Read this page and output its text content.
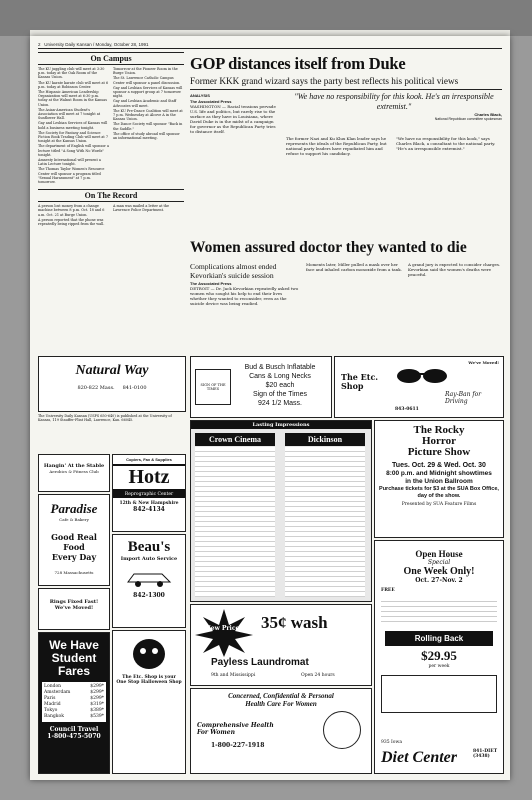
2 University Daily Kansan / Monday, October 28, 1991
On Campus

The KU juggling club will meet at 3:30 p.m. today at the Oak Room of the Kansas Union.

The KU karate karate club will meet at 6 p.m. today at Robinson Center.

The Hispanic American Leadership Organization will meet at 6:30 p.m. today at the Walnut Room in the Kansas Union.

The Asian-American Student's Association will meet at 7 tonight at Sunflower Hall.

Gay and Lesbian Services of Kansas will hold a business meeting tonight.

The Society for Fantasy and Science Fiction Book Trading Club will meet at 7 tonight at the Kansas Union.

The department of English will sponsor a lecture titled "A Song With No Words" tonight.

Amnesty International will present a Latin Lecture tonight.

The Thomas Taylor Women's Resource Center will sponsor a program titled "Sexual Harassment" at 7 p.m. tomorrow.

Tomorrow at the Pioneer Room in the Burge Union.

The St. Lawrence Catholic Campus Center will sponsor a panel discussion.

Gay and Lesbian Services of Kansas will sponsor a support group at 7 tomorrow night.

Gay and Lesbian Academic and Staff Advocates will meet.

The KU Pre-Dance Coalition will meet at 7 p.m. Wednesday at Alcove A in the Kansas Union.

The Dance Society will sponsor "Back in the Saddle."

The office of study abroad will sponsor an informational meeting.

On The Record

A person lost money from a change machine between 8 p.m. Oct. 18 and 6 a.m. Oct. 21 at Burge Union.

A person reported that the phone was repeatedly being ripped from the wall.

A man was mailed a letter at the Lawrence Police Department.

GOP distances itself from Duke
Former KKK grand wizard says the party best reflects his political views
ANALYSIS
The Associated Press
WASHINGTON — Racial tensions pervade U.S. life and politics, but rarely rise to the surface as they have in Louisiana, where David Duke is in the midst of a campaign for governor as the Republican Party tries to distance itself.
"We have no responsibility for this kook. He's an irresponsible extremist."
Charles Black,
National Republican committee spokesman
The former Nazi and Ku Klux Klan leader says he represents the ideals of the Republican Party, but national party leaders have repudiated him and refuse to support his candidacy.
"We have no responsibility for this kook," says Charles Black, a consultant to the national party. "He's an irresponsible extremist."
Women assured doctor they wanted to die
Complications almost ended Kevorkian's suicide session
The Associated Press
DETROIT — Dr. Jack Kevorkian repeatedly asked two women who sought his help to end their lives whether they wanted to reconsider, even as the suicide device was being readied.
Moments later, Miller pulled a mask over her face and inhaled carbon monoxide from a tank.
A grand jury is expected to consider charges. Kevorkian said the women's deaths were peaceful.
Natural Way
820-822 Mass. 841-0100	SIGN OF THE TIMES
Bud & Busch Inflatable
Cans & Long Necks
$20 each
Sign of the Times
924 1/2 Mass.
We've Moved!
The Etc. Shop
Ray-Ban for Driving
843-0611
The University Daily Kansan (USPS 650-640) is published at the University of Kansas, 119 Stauffer-Flint Hall, Lawrence, Kan. 66045.
Hangin' At the Stable
Aerobics & Fitness Club
Copiers, Fax & Supplies
Hotz
Reprographic Center
12th & New Hampshire
842-4134
Paradise
Cafe & Bakery
Good Real Food
Every Day
728 Massachusetts
Beau's
Import Auto Service
842-1300
Rings Fixed Fast!
We've Moved!
We Have
Student
Fares
London	$299*
Amsterdam	$299*
Paris	$299*
Madrid	$319*
Tokyo	$389*
Bangkok	$539*
Council Travel
1-800-475-5070
The Etc. Shop is your
One Stop Halloween Shop
Lasting Impressions
Crown Cinema	Dickinson
The Rocky
Horror
Picture Show
Tues. Oct. 29 & Wed. Oct. 30
8:00 p.m. and Midnight showtimes
in the Union Ballroom
Purchase tickets for $3 at the SUA Box Office, day of the show.
Presented by SUA Feature Films
New Prices 35¢ wash
Payless Laundromat
9th and Mississippi	Open 24 hours
Concerned, Confidential & Personal
Health Care For Women
Comprehensive Health
For Women
1-800-227-1918
Open House
Special
One Week Only!
Oct. 27-Nov. 2
FREE
Rolling Back
$29.95
per week
Diet Center	841-DIET (3438)
935 Iowa
